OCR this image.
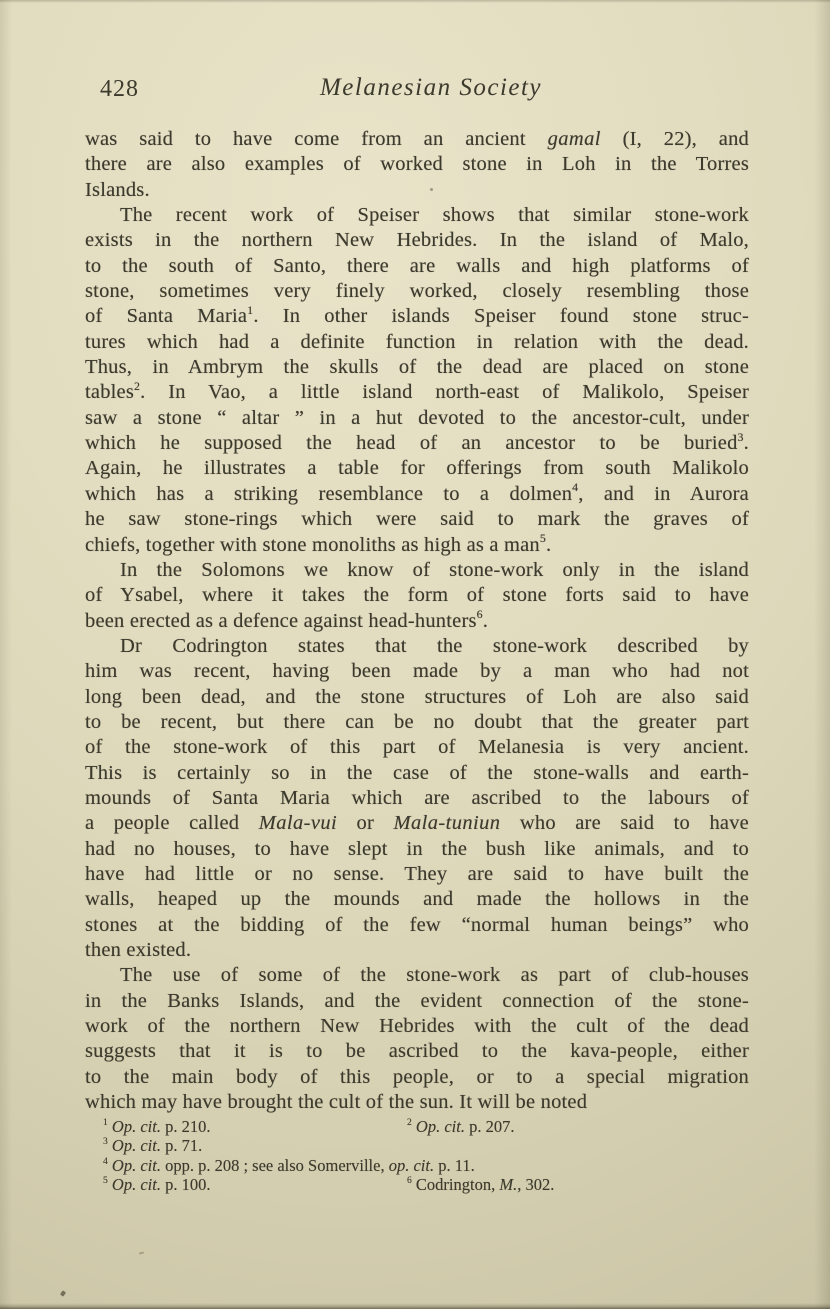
428	Melanesian Society
was said to have come from an ancient gamal (I, 22), and
there are also examples of worked stone in Loh in the Torres
Islands.
The recent work of Speiser shows that similar stone-work
exists in the northern New Hebrides. In the island of Malo,
to the south of Santo, there are walls and high platforms of
stone, sometimes very finely worked, closely resembling those
of Santa Maria$^1$. In other islands Speiser found stone struc-
tures which had a definite function in relation with the dead.
Thus, in Ambrym the skulls of the dead are placed on stone
tables$^2$. In Vao, a little island north-east of Malikolo, Speiser
saw a stone “ altar ” in a hut devoted to the ancestor-cult, under
which he supposed the head of an ancestor to be buried$^3$.
Again, he illustrates a table for offerings from south Malikolo
which has a striking resemblance to a dolmen$^4$, and in Aurora
he saw stone-rings which were said to mark the graves of
chiefs, together with stone monoliths as high as a man$^5$.
In the Solomons we know of stone-work only in the island
of Ysabel, where it takes the form of stone forts said to have
been erected as a defence against head-hunters$^6$.
Dr Codrington states that the stone-work described by
him was recent, having been made by a man who had not
long been dead, and the stone structures of Loh are also said
to be recent, but there can be no doubt that the greater part
of the stone-work of this part of Melanesia is very ancient.
This is certainly so in the case of the stone-walls and earth-
mounds of Santa Maria which are ascribed to the labours of
a people called Mala-vui or Mala-tuniun who are said to have
had no houses, to have slept in the bush like animals, and to
have had little or no sense. They are said to have built the
walls, heaped up the mounds and made the hollows in the
stones at the bidding of the few “normal human beings” who
then existed.
The use of some of the stone-work as part of club-houses
in the Banks Islands, and the evident connection of the stone-
work of the northern New Hebrides with the cult of the dead
suggests that it is to be ascribed to the kava-people, either
to the main body of this people, or to a special migration
which may have brought the cult of the sun. It will be noted
$^1$ Op. cit. p. 210.	$^2$ Op. cit. p. 207.
$^3$ Op. cit. p. 71.
$^4$ Op. cit. opp. p. 208 ; see also Somerville, op. cit. p. 11.
$^5$ Op. cit. p. 100.	$^6$ Codrington, M., 302.
